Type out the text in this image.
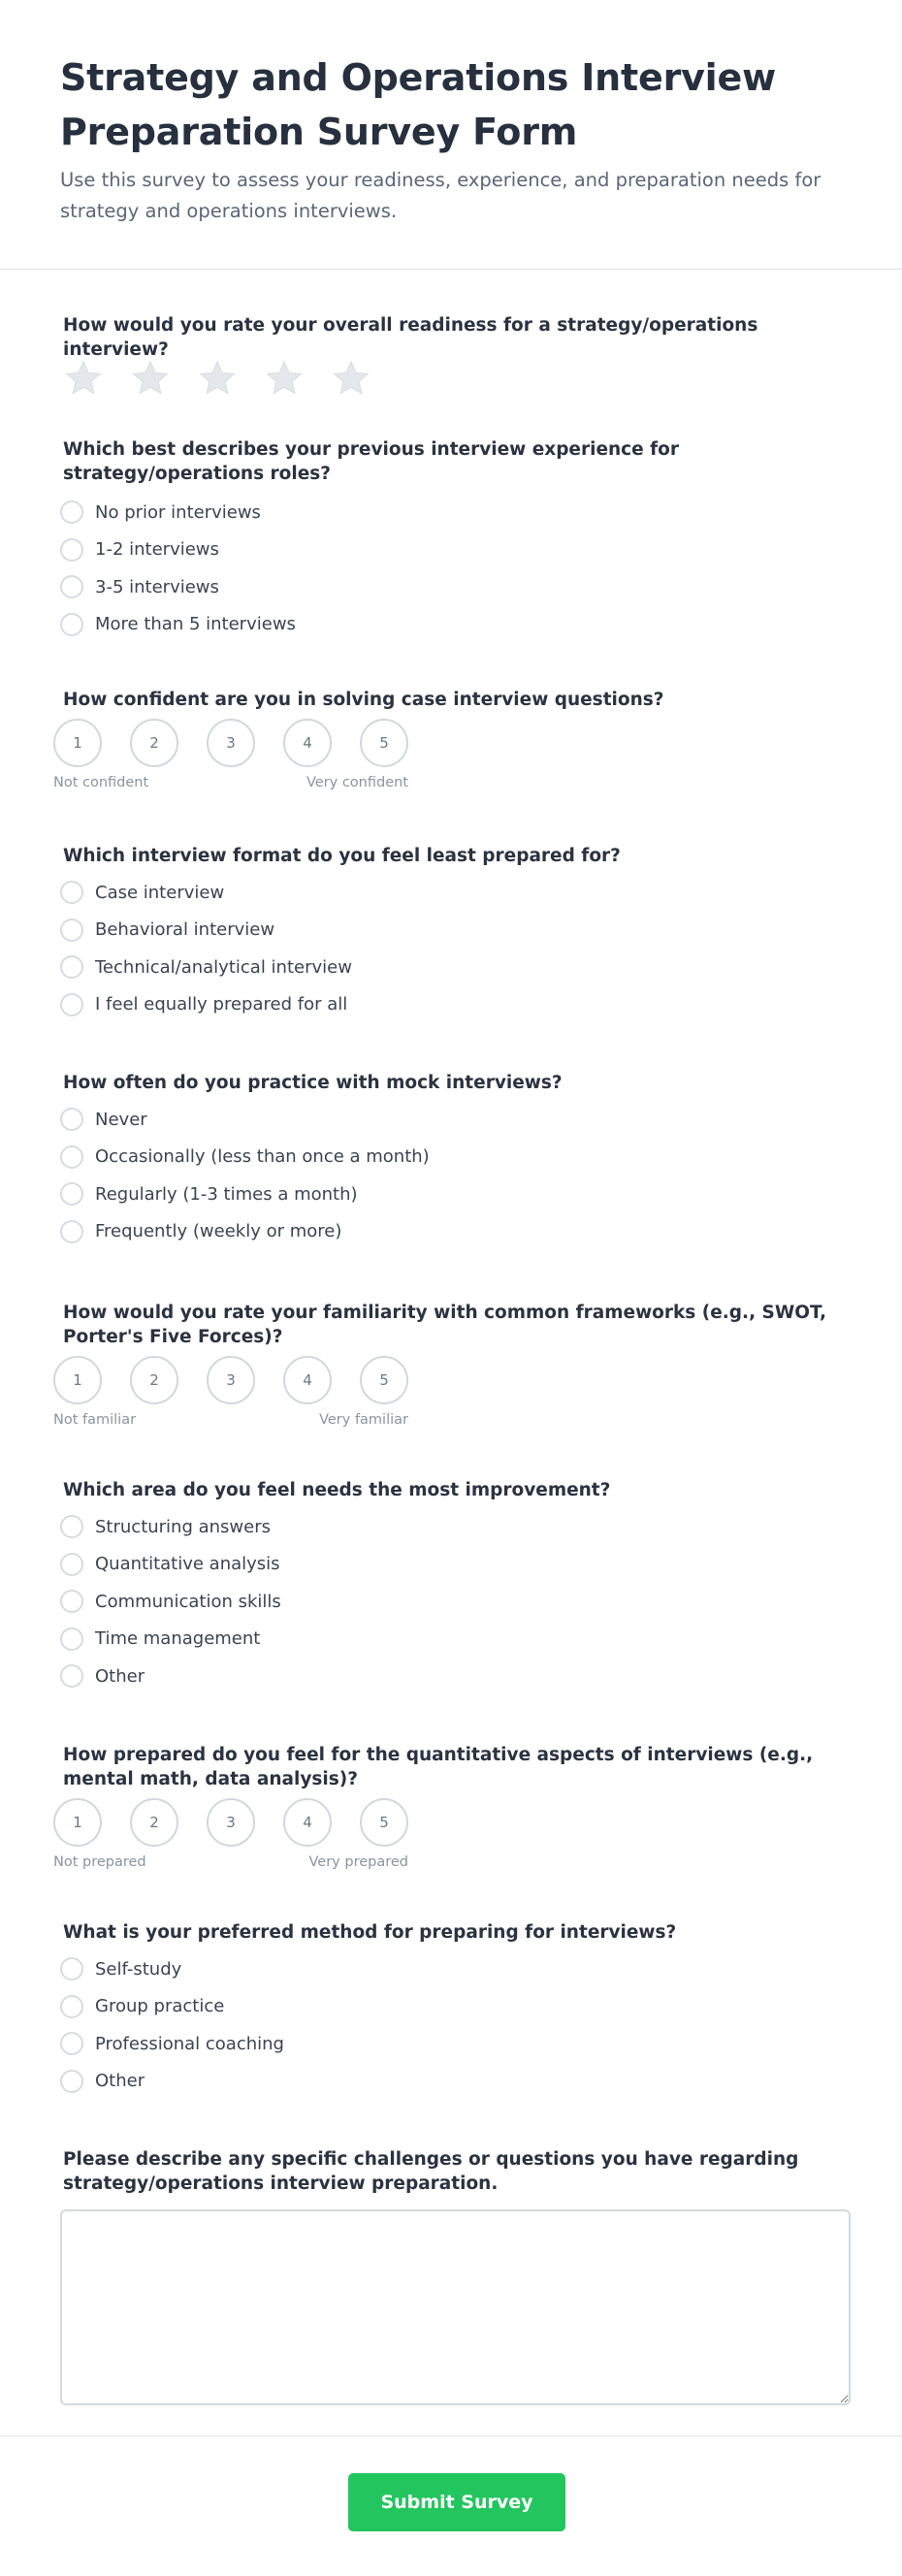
Strategy and Operations Interview Preparation Survey Form

Use this survey to assess your readiness, experience, and preparation needs for strategy and operations interviews.

How would you rate your overall readiness for a strategy/operations interview?
Which best describes your previous interview experience for strategy/operations roles?
No prior interviews
1-2 interviews
3-5 interviews
More than 5 interviews
How confident are you in solving case interview questions?
1	2	3	4	5
Not confident	Very confident
Which interview format do you feel least prepared for?
Case interview
Behavioral interview
Technical/analytical interview
I feel equally prepared for all
How often do you practice with mock interviews?
Never
Occasionally (less than once a month)
Regularly (1-3 times a month)
Frequently (weekly or more)
How would you rate your familiarity with common frameworks (e.g., SWOT, Porter's Five Forces)?
1	2	3	4	5
Not familiar	Very familiar
Which area do you feel needs the most improvement?
Structuring answers
Quantitative analysis
Communication skills
Time management
Other
How prepared do you feel for the quantitative aspects of interviews (e.g., mental math, data analysis)?
1	2	3	4	5
Not prepared	Very prepared
What is your preferred method for preparing for interviews?
Self-study
Group practice
Professional coaching
Other
Please describe any specific challenges or questions you have regarding strategy/operations interview preparation.
Submit Survey
